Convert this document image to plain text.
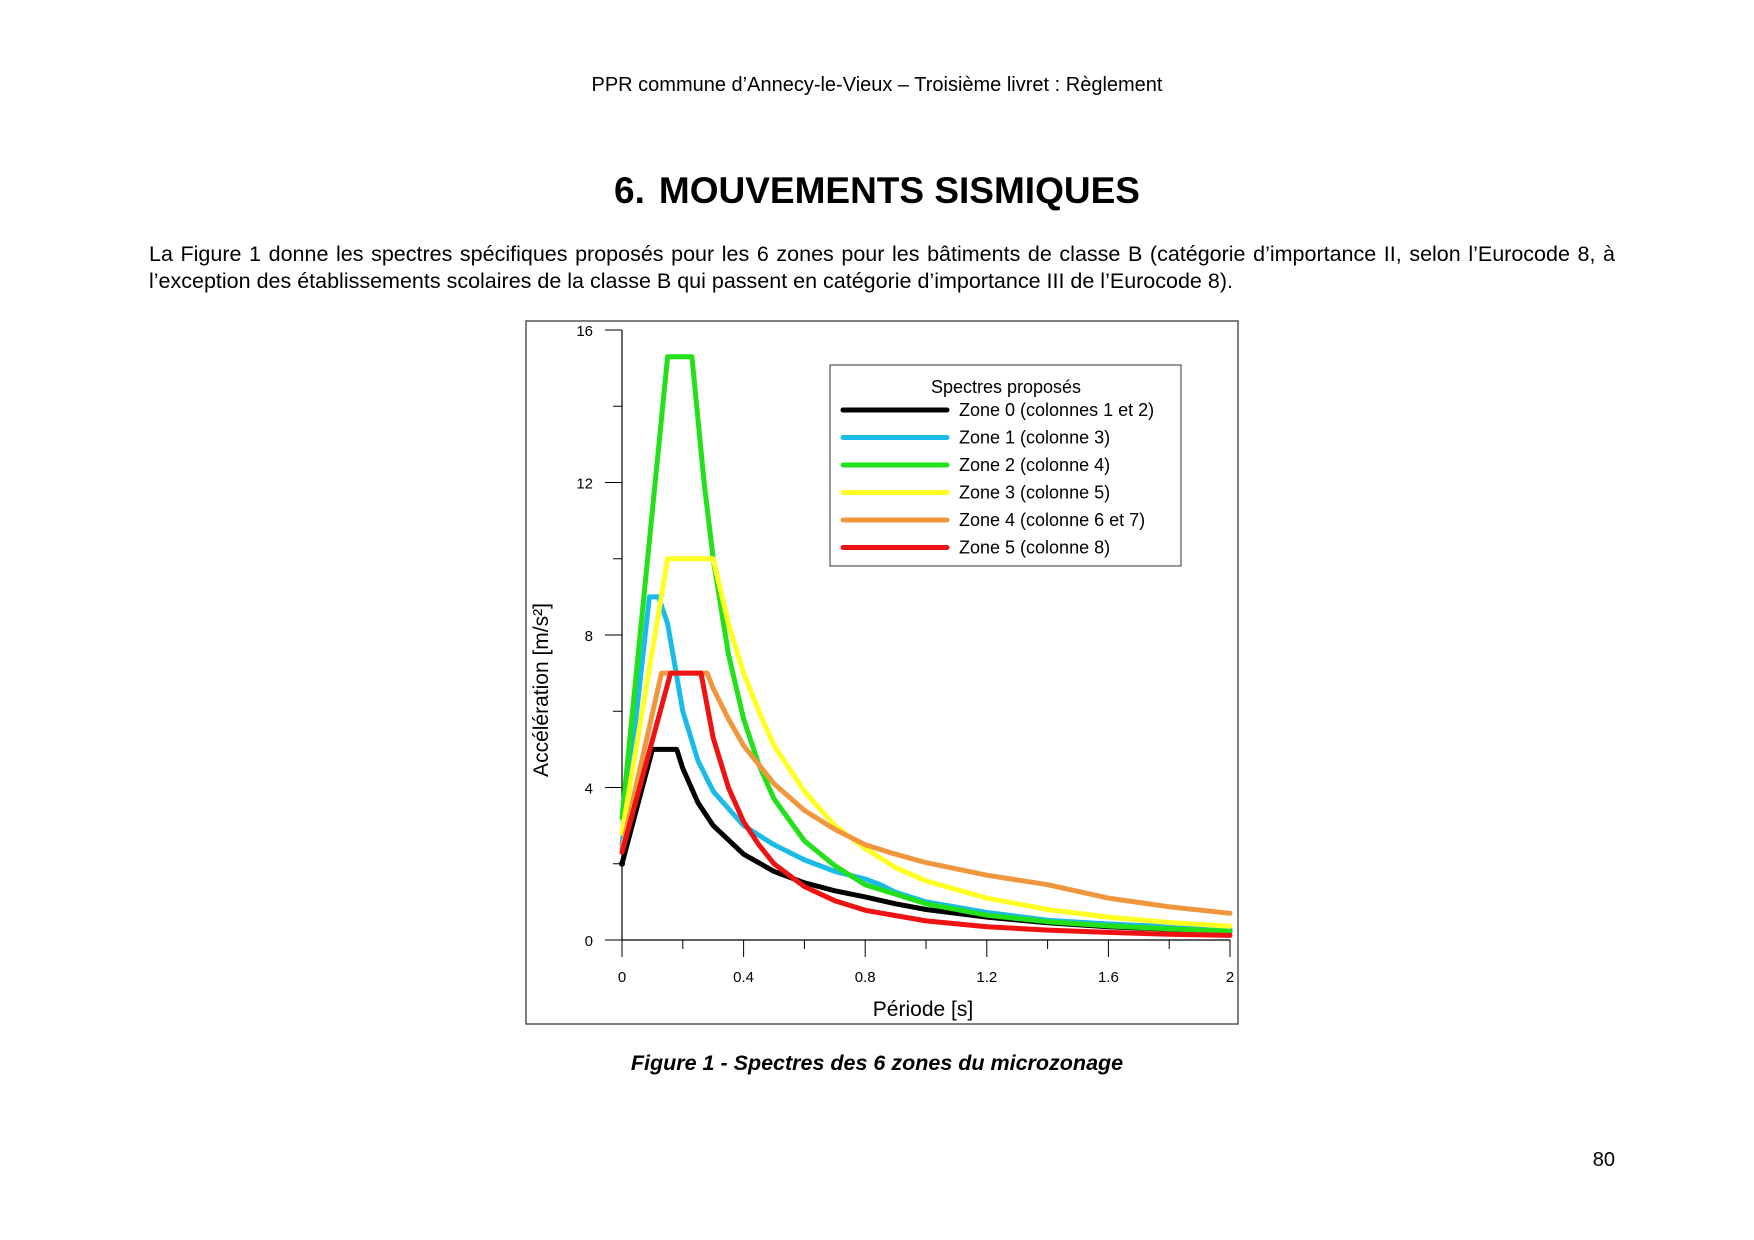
PPR commune d’Annecy-le-Vieux – Troisième livret : Règlement
6. MOUVEMENTS SISMIQUES

La Figure 1 donne les spectres spécifiques proposés pour les 6 zones pour les bâtiments de classe B (catégorie d’importance II, selon l’Eurocode 8, à l’exception des établissements scolaires de la classe B qui passent en catégorie d’importance III de l’Eurocode 8).

0
4
8
12
16
0	0.4	0.8	1.2	1.6	2
Accélération [m/s²]
Période [s]
Spectres proposés
Zone 0 (colonnes 1 et 2)
Zone 1 (colonne 3)
Zone 2 (colonne 4)
Zone 3 (colonne 5)
Zone 4 (colonne 6 et 7)
Zone 5 (colonne 8)
Figure 1 - Spectres des 6 zones du microzonage
80
